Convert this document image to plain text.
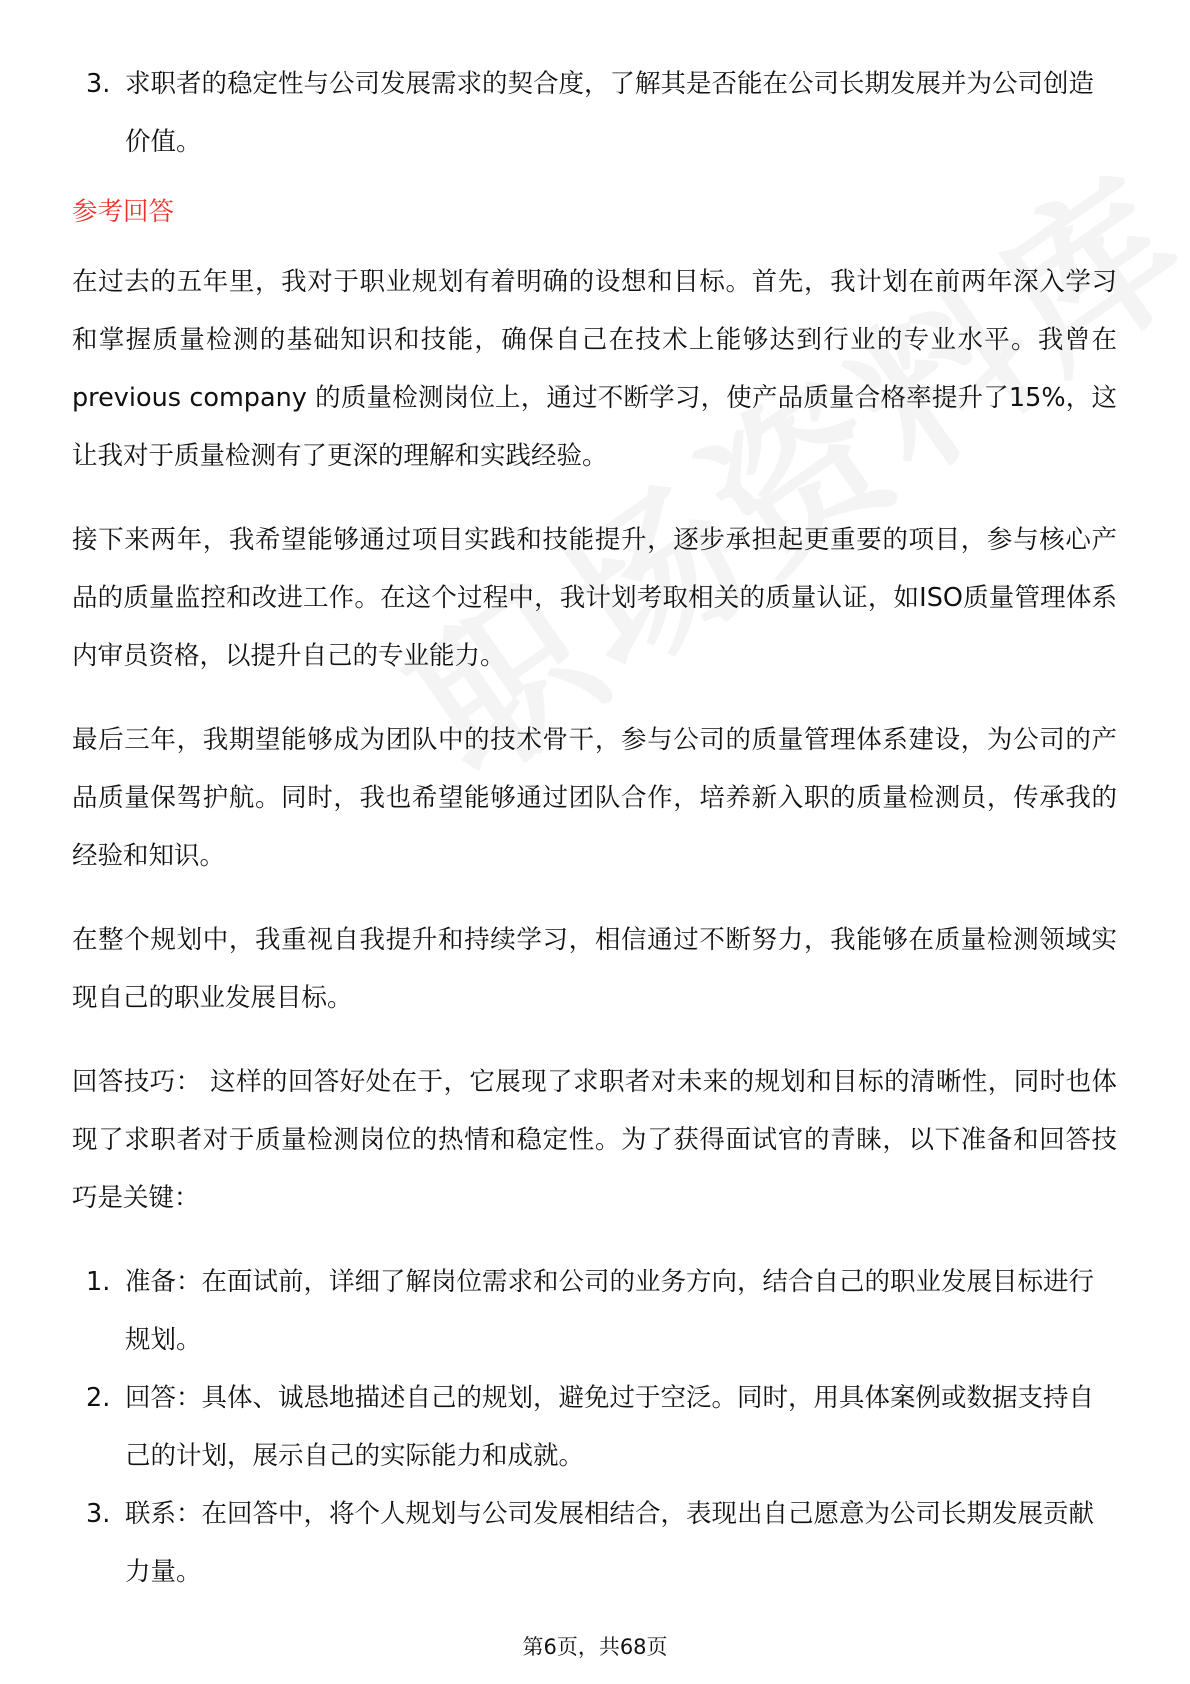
3. 求职者的稳定性与公司发展需求的契合度，了解其是否能在公司长期发展并为公司创造价值。
参考回答

在过去的五年里，我对于职业规划有着明确的设想和目标。首先，我计划在前两年深入学习和掌握质量检测的基础知识和技能，确保自己在技术上能够达到行业的专业水平。我曾在 previous company 的质量检测岗位上，通过不断学习，使产品质量合格率提升了15%，这让我对于质量检测有了更深的理解和实践经验。

接下来两年，我希望能够通过项目实践和技能提升，逐步承担起更重要的项目，参与核心产品的质量监控和改进工作。在这个过程中，我计划考取相关的质量认证，如ISO质量管理体系内审员资格，以提升自己的专业能力。

最后三年，我期望能够成为团队中的技术骨干，参与公司的质量管理体系建设，为公司的产品质量保驾护航。同时，我也希望能够通过团队合作，培养新入职的质量检测员，传承我的经验和知识。

在整个规划中，我重视自我提升和持续学习，相信通过不断努力，我能够在质量检测领域实现自己的职业发展目标。

回答技巧： 这样的回答好处在于，它展现了求职者对未来的规划和目标的清晰性，同时也体现了求职者对于质量检测岗位的热情和稳定性。为了获得面试官的青睐，以下准备和回答技巧是关键：

1. 准备：在面试前，详细了解岗位需求和公司的业务方向，结合自己的职业发展目标进行规划。
2. 回答：具体、诚恳地描述自己的规划，避免过于空泛。同时，用具体案例或数据支持自己的计划，展示自己的实际能力和成就。
3. 联系：在回答中，将个人规划与公司发展相结合，表现出自己愿意为公司长期发展贡献力量。
第6页，共68页
